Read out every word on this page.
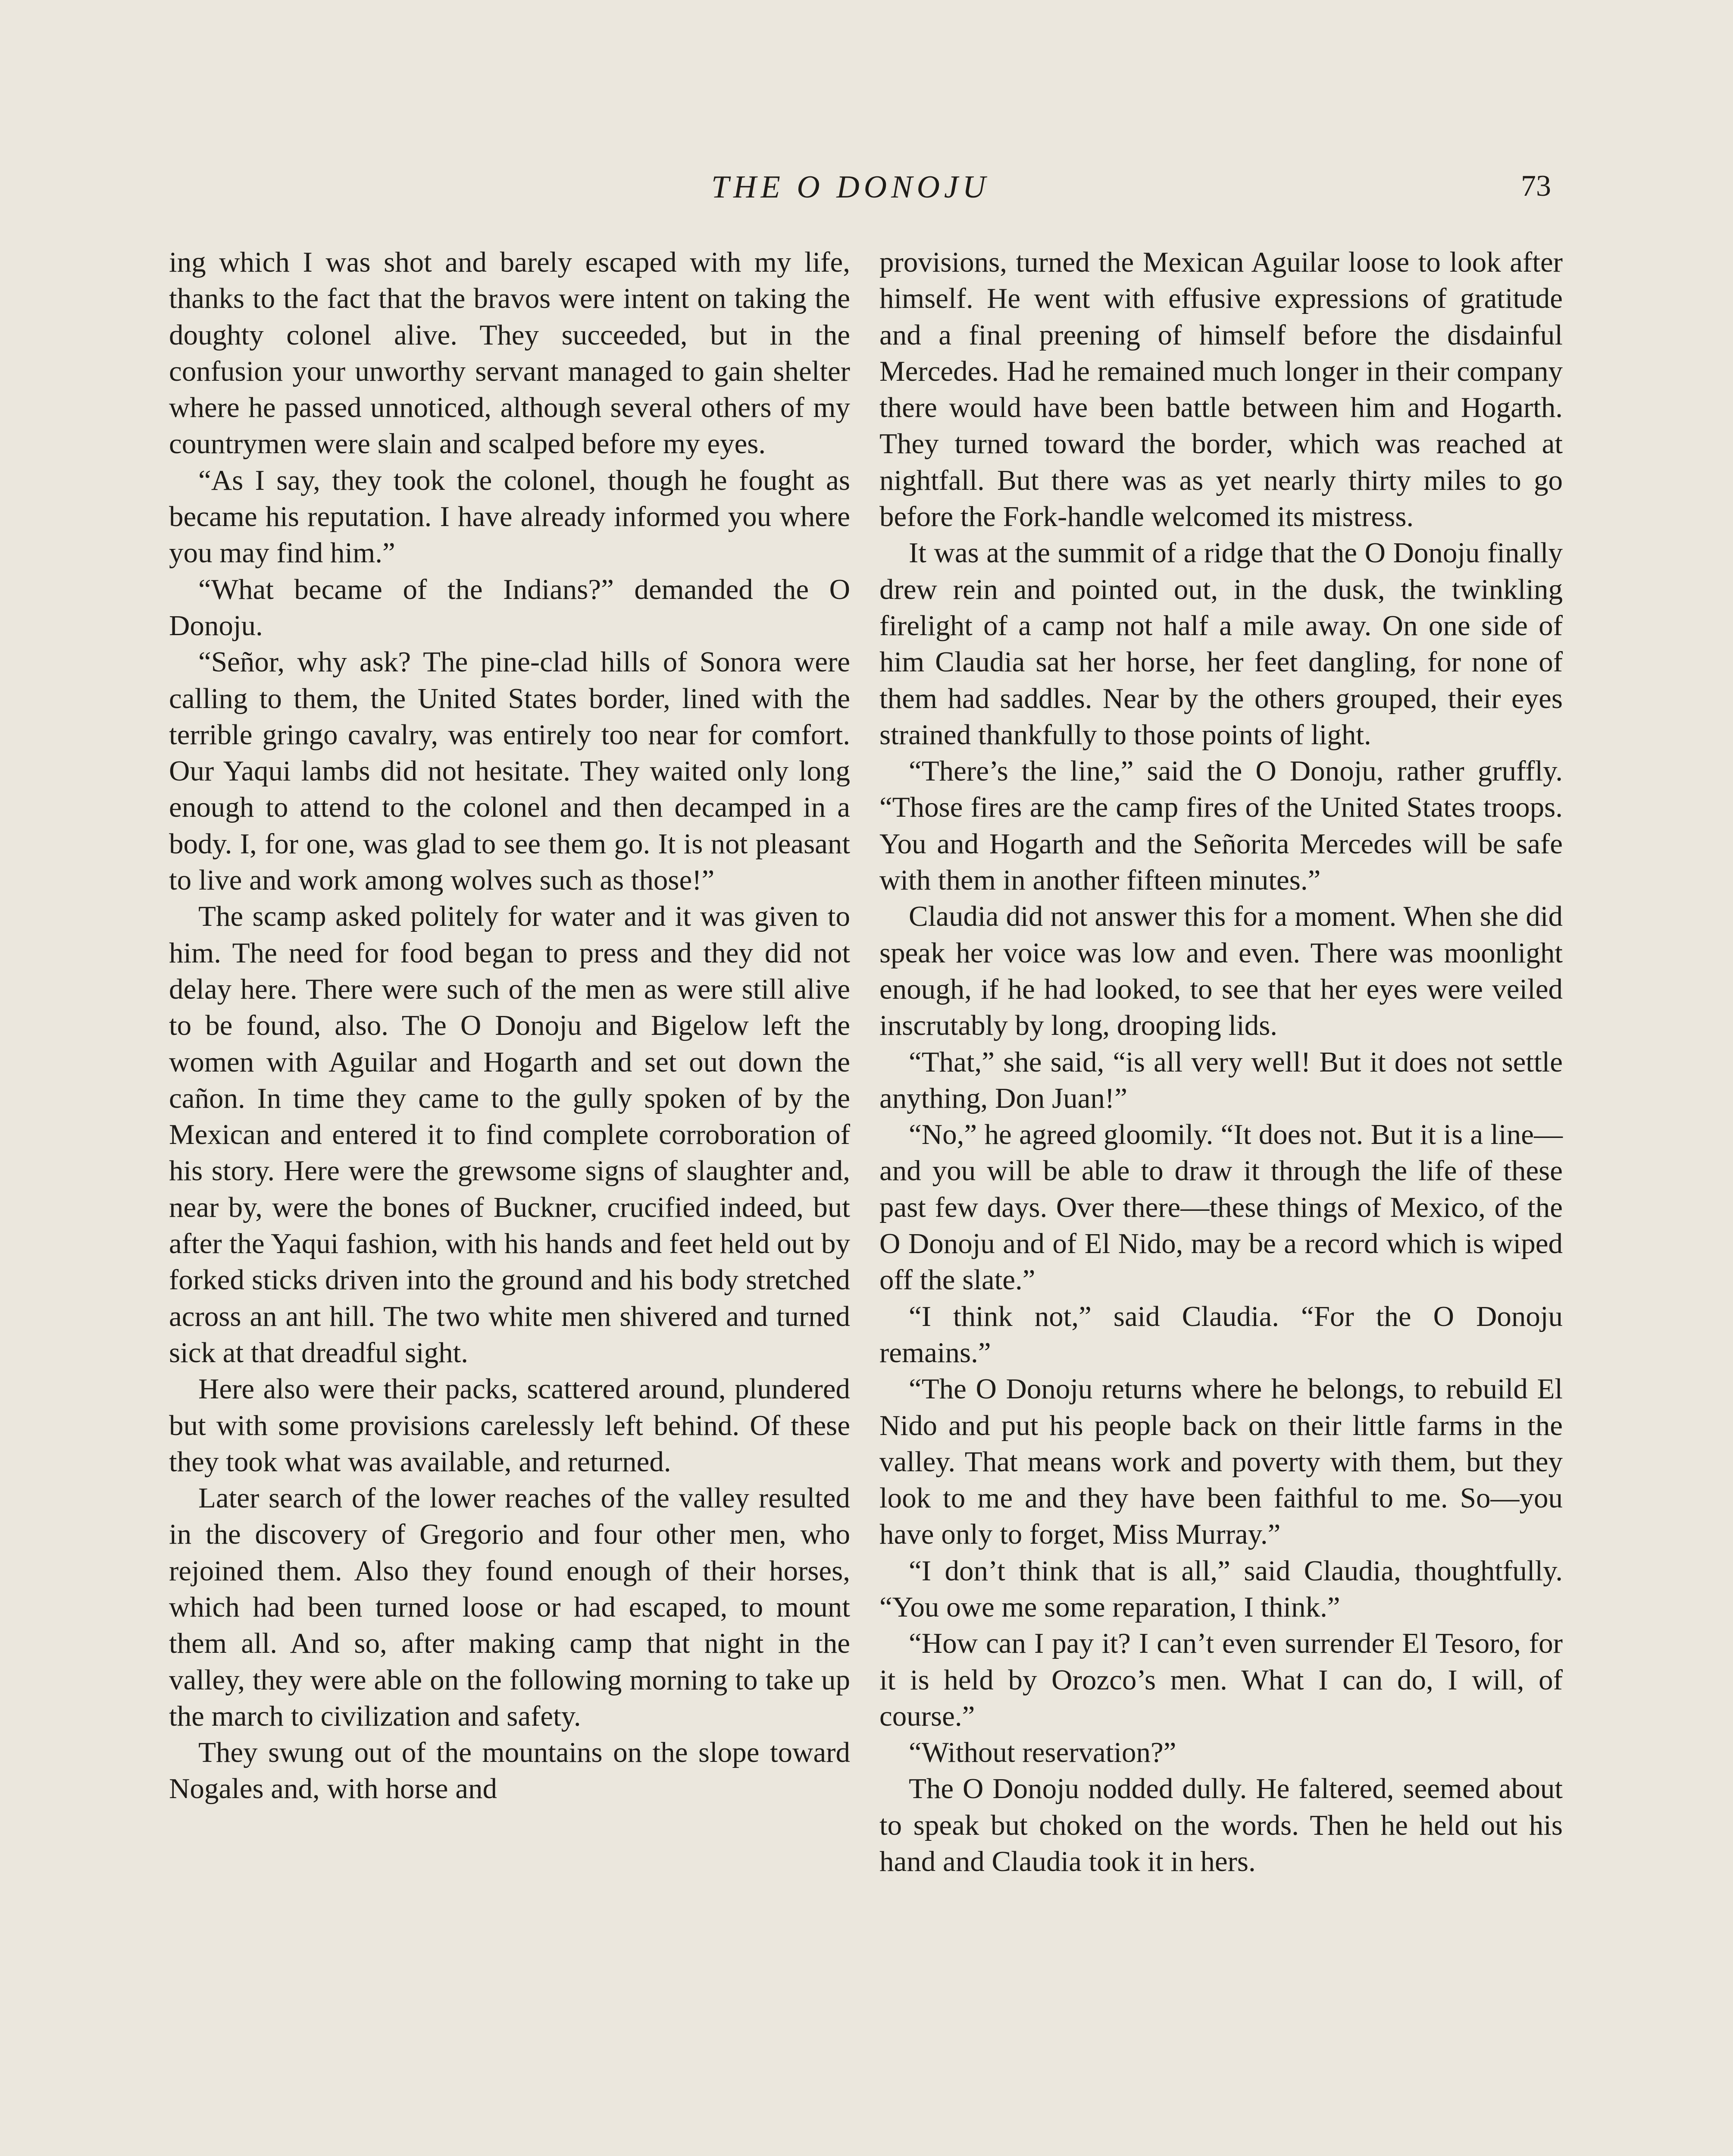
THE O DONOJU	73

ing which I was shot and barely escaped with my life, thanks to the fact that the bravos were intent on taking the doughty colonel alive. They succeeded, but in the confusion your unworthy servant managed to gain shelter where he passed unnoticed, although several others of my countrymen were slain and scalped before my eyes.

“As I say, they took the colonel, though he fought as became his reputation. I have already informed you where you may find him.”

“What became of the Indians?” demanded the O Donoju.

“Señor, why ask? The pine-clad hills of Sonora were calling to them, the United States border, lined with the terrible gringo cavalry, was entirely too near for comfort. Our Yaqui lambs did not hesitate. They waited only long enough to attend to the colonel and then decamped in a body. I, for one, was glad to see them go. It is not pleasant to live and work among wolves such as those!”

The scamp asked politely for water and it was given to him. The need for food began to press and they did not delay here. There were such of the men as were still alive to be found, also. The O Donoju and Bigelow left the women with Aguilar and Hogarth and set out down the cañon. In time they came to the gully spoken of by the Mexican and entered it to find complete corroboration of his story. Here were the grewsome signs of slaughter and, near by, were the bones of Buckner, crucified indeed, but after the Yaqui fashion, with his hands and feet held out by forked sticks driven into the ground and his body stretched across an ant hill. The two white men shivered and turned sick at that dreadful sight.

Here also were their packs, scattered around, plundered but with some provisions carelessly left behind. Of these they took what was available, and returned.

Later search of the lower reaches of the valley resulted in the discovery of Gregorio and four other men, who rejoined them. Also they found enough of their horses, which had been turned loose or had escaped, to mount them all. And so, after making camp that night in the valley, they were able on the following morning to take up the march to civilization and safety.

They swung out of the mountains on the slope toward Nogales and, with horse and

provisions, turned the Mexican Aguilar loose to look after himself. He went with effusive expressions of gratitude and a final preening of himself before the disdainful Mercedes. Had he remained much longer in their company there would have been battle between him and Hogarth. They turned toward the border, which was reached at nightfall. But there was as yet nearly thirty miles to go before the Fork-handle welcomed its mistress.

It was at the summit of a ridge that the O Donoju finally drew rein and pointed out, in the dusk, the twinkling firelight of a camp not half a mile away. On one side of him Claudia sat her horse, her feet dangling, for none of them had saddles. Near by the others grouped, their eyes strained thankfully to those points of light.

“There’s the line,” said the O Donoju, rather gruffly. “Those fires are the camp fires of the United States troops. You and Hogarth and the Señorita Mercedes will be safe with them in another fifteen minutes.”

Claudia did not answer this for a moment. When she did speak her voice was low and even. There was moonlight enough, if he had looked, to see that her eyes were veiled inscrutably by long, drooping lids.

“That,” she said, “is all very well! But it does not settle anything, Don Juan!”

“No,” he agreed gloomily. “It does not. But it is a line—and you will be able to draw it through the life of these past few days. Over there—these things of Mexico, of the O Donoju and of El Nido, may be a record which is wiped off the slate.”

“I think not,” said Claudia. “For the O Donoju remains.”

“The O Donoju returns where he belongs, to rebuild El Nido and put his people back on their little farms in the valley. That means work and poverty with them, but they look to me and they have been faithful to me. So—you have only to forget, Miss Murray.”

“I don’t think that is all,” said Claudia, thoughtfully. “You owe me some reparation, I think.”

“How can I pay it? I can’t even surrender El Tesoro, for it is held by Orozco’s men. What I can do, I will, of course.”

“Without reservation?”

The O Donoju nodded dully. He faltered, seemed about to speak but choked on the words. Then he held out his hand and Claudia took it in hers.
